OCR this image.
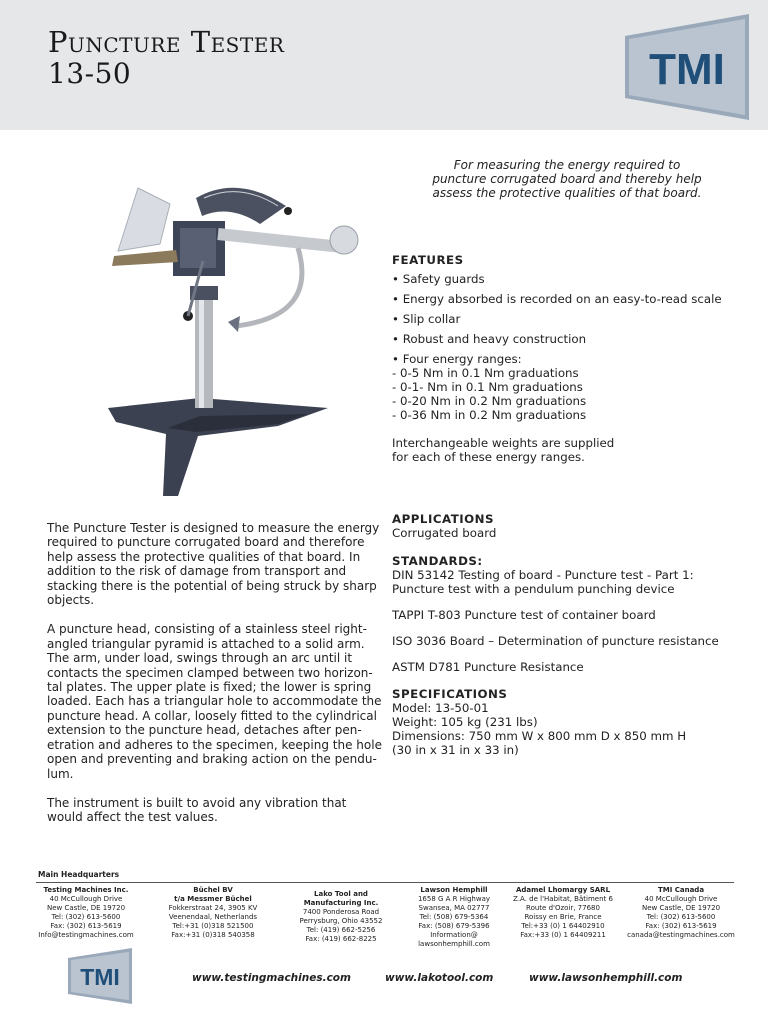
Puncture Tester
13-50	TMI
For measuring the energy required to puncture corrugated board and thereby help assess the protective qualities of that board.

FEATURES

• Safety guards
• Energy absorbed is recorded on an easy-to-read scale
• Slip collar
• Robust and heavy construction
• Four energy ranges:
- 0-5 Nm in 0.1 Nm graduations
- 0-1- Nm in 0.1 Nm graduations
- 0-20 Nm in 0.2 Nm graduations
- 0-36 Nm in 0.2 Nm graduations

Interchangeable weights are supplied for each of these energy ranges.

APPLICATIONS

Corrugated board

STANDARDS:

DIN 53142 Testing of board - Puncture test - Part 1: Puncture test with a pendulum punching device

TAPPI T-803 Puncture test of container board

ISO 3036 Board – Determination of puncture resistance

ASTM D781 Puncture Resistance

SPECIFICATIONS

Model: 13-50-01

Weight: 105 kg (231 lbs)

Dimensions: 750 mm W x 800 mm D x 850 mm H

(30 in x 31 in x 33 in)

The Puncture Tester is designed to measure the energy required to puncture corrugated board and therefore help assess the protective qualities of that board. In addition to the risk of damage from transport and stacking there is the potential of being struck by sharp objects.

A puncture head, consisting of a stainless steel right-angled triangular pyramid is attached to a solid arm. The arm, under load, swings through an arc until it contacts the specimen clamped between two horizon-tal plates. The upper plate is fixed; the lower is spring loaded. Each has a triangular hole to accommodate the puncture head. A collar, loosely fitted to the cylindrical extension to the puncture head, detaches after pen-etration and adheres to the specimen, keeping the hole open and preventing and braking action on the pendu-lum.

The instrument is built to avoid any vibration that would affect the test values.

Main Headquarters
Testing Machines Inc.
40 McCullough Drive
New Castle, DE 19720
Tel: (302) 613-5600
Fax: (302) 613-5619
Info@testingmachines.com
Büchel BV
t/a Messmer Büchel
Fokkerstraat 24, 3905 KV
Veenendaal, Netherlands
Tel:+31 (0)318 521500
Fax:+31 (0)318 540358
Lako Tool and
Manufacturing Inc.
7400 Ponderosa Road
Perrysburg, Ohio 43552
Tel: (419) 662-5256
Fax: (419) 662-8225
Lawson Hemphill
1658 G A R Highway
Swansea, MA 02777
Tel: (508) 679-5364
Fax: (508) 679-5396
Information@
lawsonhemphill.com
Adamel Lhomargy SARL
Z.A. de l'Habitat, Bâtiment 6
Route d'Ozoir, 77680
Roissy en Brie, France
Tel:+33 (0) 1 64402910
Fax:+33 (0) 1 64409211
TMI Canada
40 McCullough Drive
New Castle, DE 19720
Tel: (302) 613-5600
Fax: (302) 613-5619
canada@testingmachines.com
TMI	www.testingmachines.com	www.lakotool.com	www.lawsonhemphill.com
